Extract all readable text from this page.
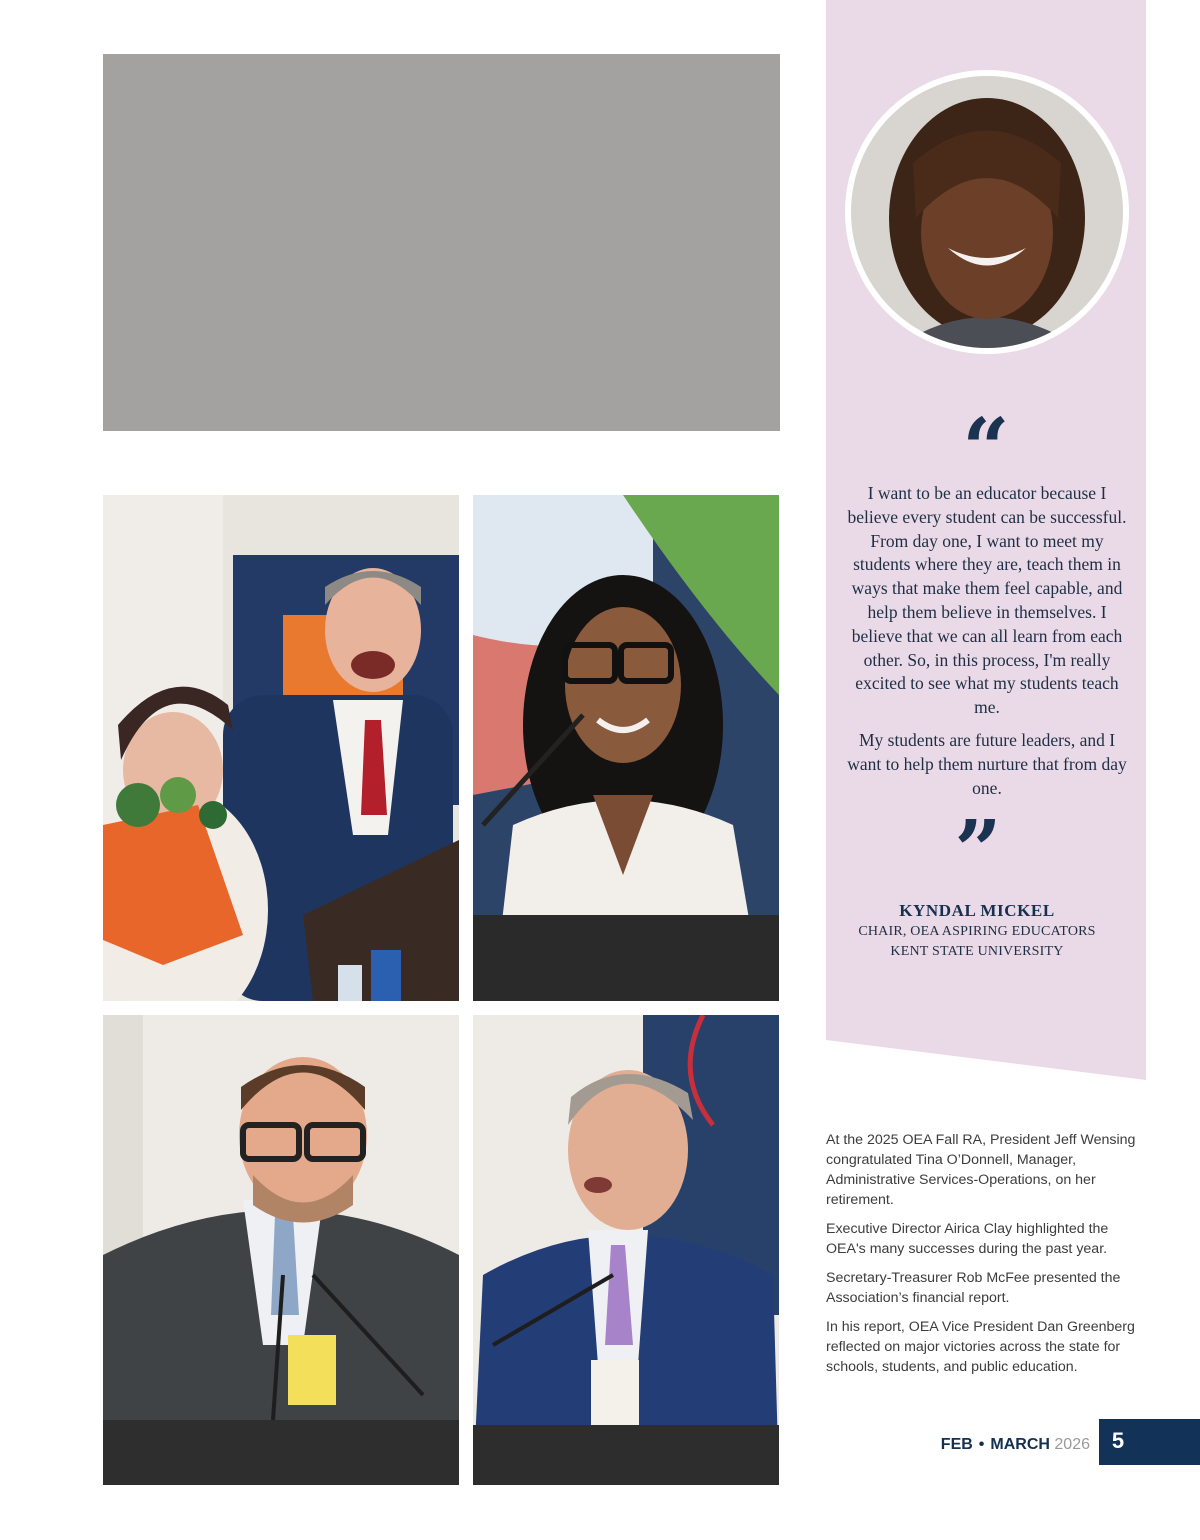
“

I want to be an educator because I believe every student can be successful. From day one, I want to meet my students where they are, teach them in ways that make them feel capable, and help them believe in themselves. I believe that we can all learn from each other. So, in this process, I'm really excited to see what my students teach me.

My students are future leaders, and I want to help them nurture that from day one.

”
KYNDAL MICKEL
CHAIR, OEA ASPIRING EDUCATORS
KENT STATE UNIVERSITY

At the 2025 OEA Fall RA, President Jeff Wensing congratulated Tina O’Donnell, Manager, Administrative Services-Operations, on her retirement.

Executive Director Airica Clay highlighted the OEA's many successes during the past year.

Secretary-Treasurer Rob McFee presented the Association’s financial report.

In his report, OEA Vice President Dan Greenberg reflected on major victories across the state for schools, students, and public education.

FEB • MARCH 2026 5
